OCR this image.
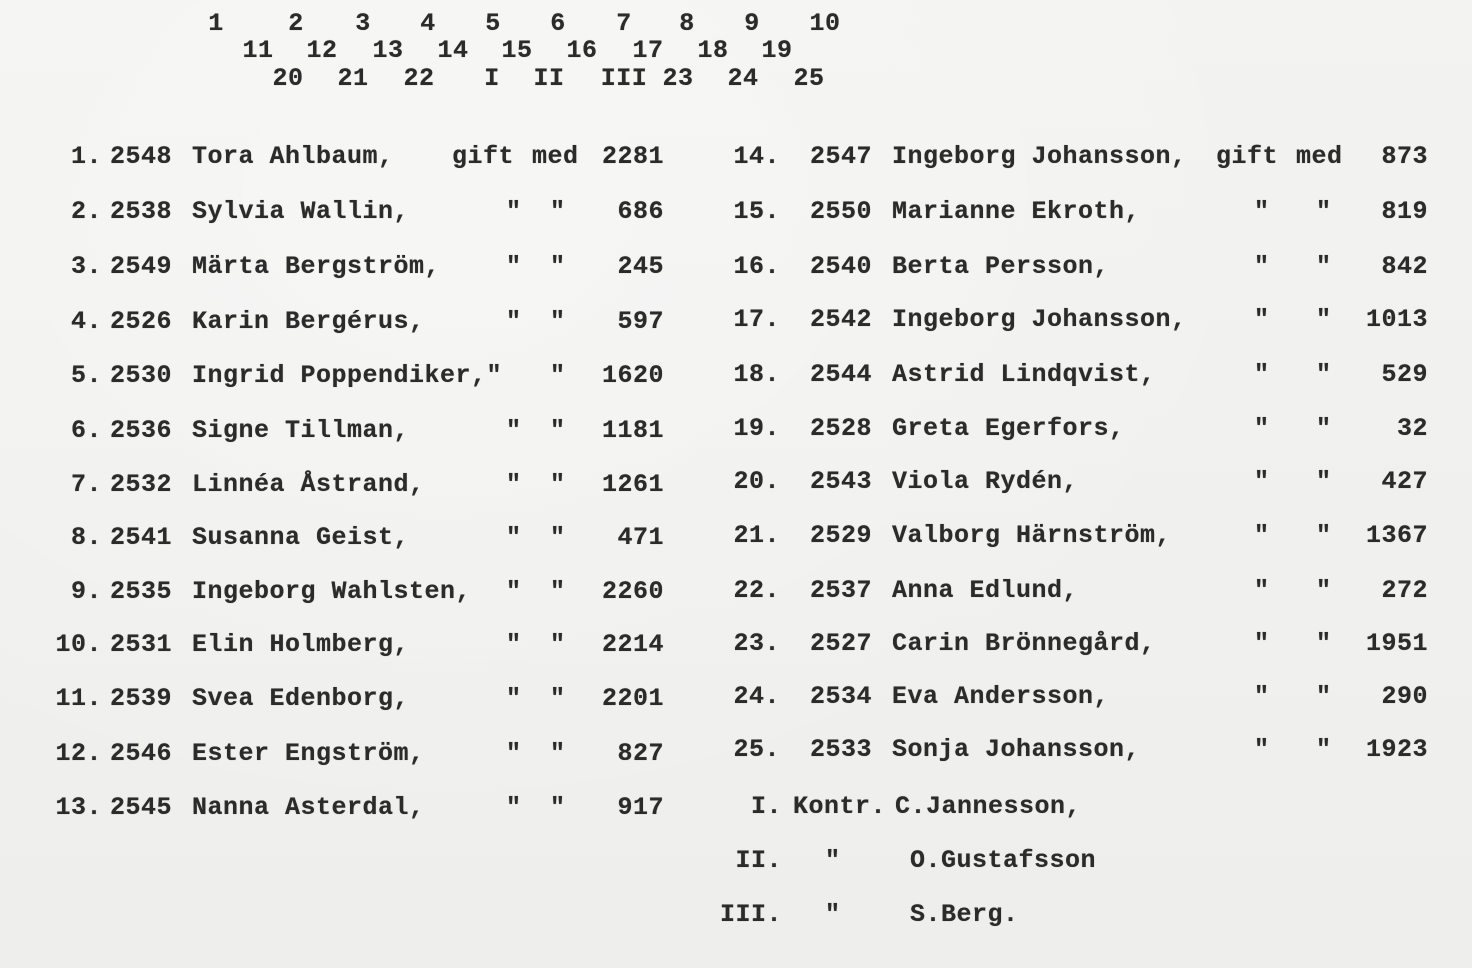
1	2	3	4	5	6	7	8	9	10
11 12 13 14 15 16 17 18 19
20 21 22	I	II III 23 24 25
1. 2548 Tora Ahlbaum, gift med 2281
2. 2538 Sylvia Wallin,	" "	686
3. 2549 Märta Bergström,	" "	245
4. 2526 Karin Bergérus,	" "	597
5. 2530 Ingrid Poppendiker," "	1620
6. 2536 Signe Tillman,	" "	1181
7. 2532 Linnéa Åstrand,	" "	1261
8. 2541 Susanna Geist,	" "	471
9. 2535 Ingeborg Wahlsten, " "	2260
10. 2531 Elin Holmberg,	" "	2214
11. 2539 Svea Edenborg,	" "	2201
12. 2546 Ester Engström,	" "	827
13. 2545 Nanna Asterdal,	" "	917
14. 2547 Ingeborg Johansson, gift med	873
15. 2550 Marianne Ekroth,	" "	819
16. 2540 Berta Persson,	" "	842
17. 2542 Ingeborg Johansson,	" "	1013
18. 2544 Astrid Lindqvist,	" "	529
19. 2528 Greta Egerfors,	" "	32
20. 2543 Viola Rydén,	" "	427
21. 2529 Valborg Härnström,	" "	1367
22. 2537 Anna Edlund,	" "	272
23. 2527 Carin Brönnegård,	" "	1951
24. 2534 Eva Andersson,	" "	290
25. 2533 Sonja Johansson,	" "	1923
I. Kontr. C.Jannesson,
II. "	O.Gustafsson
III. "	S.Berg.
